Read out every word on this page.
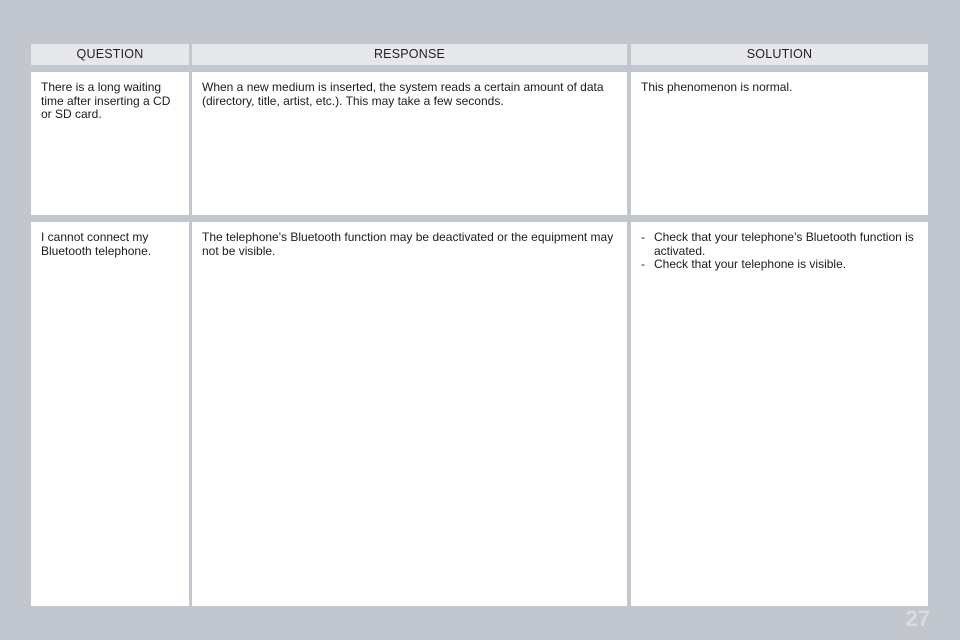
QUESTION	RESPONSE	SOLUTION
There is a long waiting time after inserting a CD or SD card.
When a new medium is inserted, the system reads a certain amount of data (directory, title, artist, etc.). This may take a few seconds.
This phenomenon is normal.
I cannot connect my Bluetooth telephone.
The telephone's Bluetooth function may be deactivated or the equipment may not be visible.
- Check that your telephone's Bluetooth function is activated.
- Check that your telephone is visible.
27
